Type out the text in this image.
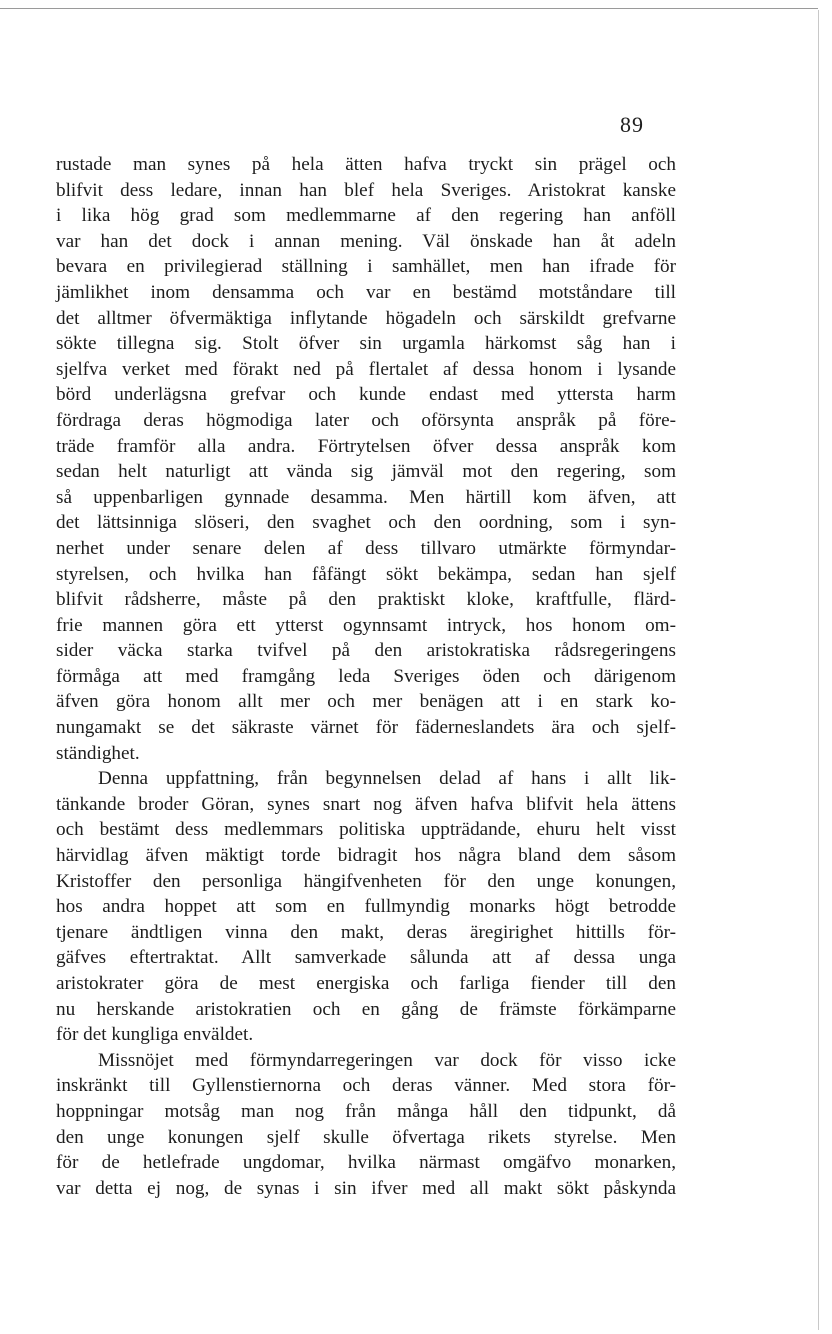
89
rustade man synes på hela ätten hafva tryckt sin prägel och
blifvit dess ledare, innan han blef hela Sveriges. Aristokrat kanske
i lika hög grad som medlemmarne af den regering han anföll
var han det dock i annan mening. Väl önskade han åt adeln
bevara en privilegierad ställning i samhället, men han ifrade för
jämlikhet inom densamma och var en bestämd motståndare till
det alltmer öfvermäktiga inflytande högadeln och särskildt grefvarne
sökte tillegna sig. Stolt öfver sin urgamla härkomst såg han i
sjelfva verket med förakt ned på flertalet af dessa honom i lysande
börd underlägsna grefvar och kunde endast med yttersta harm
fördraga deras högmodiga later och oförsynta anspråk på före-
träde framför alla andra. Förtrytelsen öfver dessa anspråk kom
sedan helt naturligt att vända sig jämväl mot den regering, som
så uppenbarligen gynnade desamma. Men härtill kom äfven, att
det lättsinniga slöseri, den svaghet och den oordning, som i syn-
nerhet under senare delen af dess tillvaro utmärkte förmyndar-
styrelsen, och hvilka han fåfängt sökt bekämpa, sedan han sjelf
blifvit rådsherre, måste på den praktiskt kloke, kraftfulle, flärd-
frie mannen göra ett ytterst ogynnsamt intryck, hos honom om-
sider väcka starka tvifvel på den aristokratiska rådsregeringens
förmåga att med framgång leda Sveriges öden och därigenom
äfven göra honom allt mer och mer benägen att i en stark ko-
nungamakt se det säkraste värnet för fäderneslandets ära och sjelf-
ständighet.
Denna uppfattning, från begynnelsen delad af hans i allt lik-
tänkande broder Göran, synes snart nog äfven hafva blifvit hela ättens
och bestämt dess medlemmars politiska uppträdande, ehuru helt visst
härvidlag äfven mäktigt torde bidragit hos några bland dem såsom
Kristoffer den personliga hängifvenheten för den unge konungen,
hos andra hoppet att som en fullmyndig monarks högt betrodde
tjenare ändtligen vinna den makt, deras äregirighet hittills för-
gäfves eftertraktat. Allt samverkade sålunda att af dessa unga
aristokrater göra de mest energiska och farliga fiender till den
nu herskande aristokratien och en gång de främste förkämparne
för det kungliga enväldet.
Missnöjet med förmyndarregeringen var dock för visso icke
inskränkt till Gyllenstiernorna och deras vänner. Med stora för-
hoppningar motsåg man nog från många håll den tidpunkt, då
den unge konungen sjelf skulle öfvertaga rikets styrelse. Men
för de hetlefrade ungdomar, hvilka närmast omgäfvo monarken,
var detta ej nog, de synas i sin ifver med all makt sökt påskynda
